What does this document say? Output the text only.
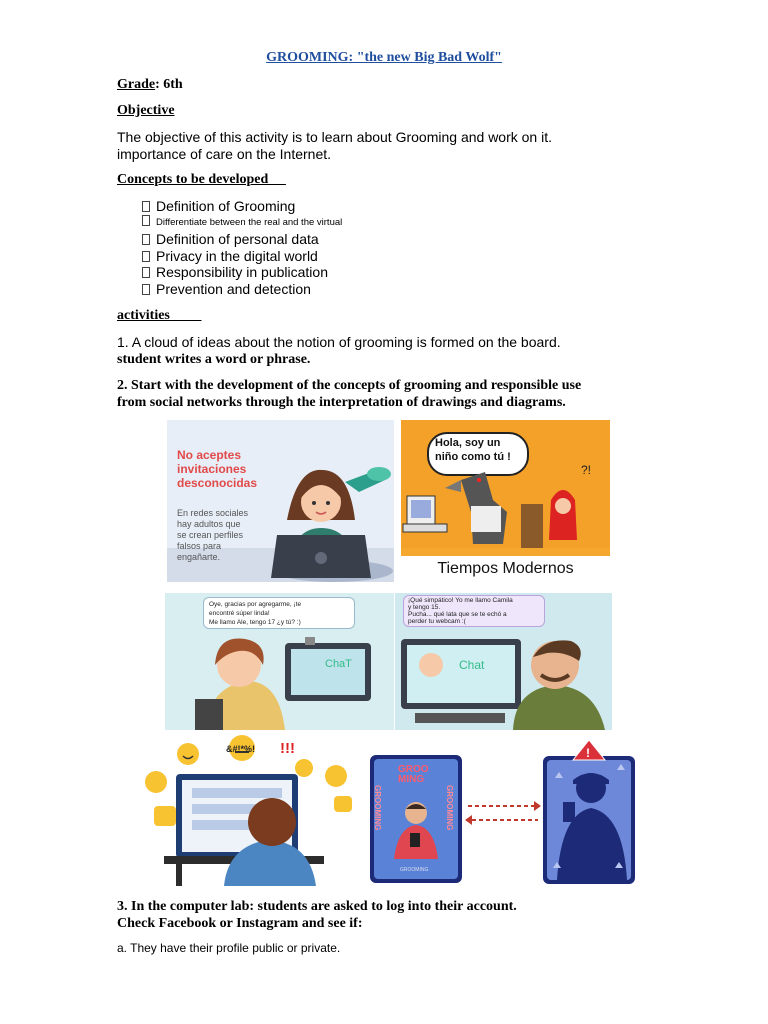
GROOMING: "the new Big Bad Wolf"
Grade: 6th
Objective
The objective of this activity is to learn about Grooming and work on it.
importance of care on the Internet.
Concepts to be developed __
Definition of Grooming
Differentiate between the real and the virtual
Definition of personal data
Privacy in the digital world
Responsibility in publication
Prevention and detection
activities ____
1. A cloud of ideas about the notion of grooming is formed on the board.
student writes a word or phrase.
2. Start with the development of the concepts of grooming and responsible use
from social networks through the interpretation of drawings and diagrams.
No aceptes
invitaciones
desconocidas
En redes sociales
hay adultos que
se crean perfiles
falsos para
engañarte.
Hola, soy un
niño como tú !
?!
Tiempos Modernos
Oye, gracias por agregarme, ¡te
encontré súper linda!
Me llamo Ale, tengo 17 ¿y tú? :)
ChaT
¡Qué simpático! Yo me llamo Camila
y tengo 15.
Pucha... qué lata que se te echó a
perder tu webcam :(
Chat
&#!*%! !!!
GROO
MING
GROOMING	GROOMING
GROOMING
!
3. In the computer lab: students are asked to log into their account.
Check Facebook or Instagram and see if:
a. They have their profile public or private.
